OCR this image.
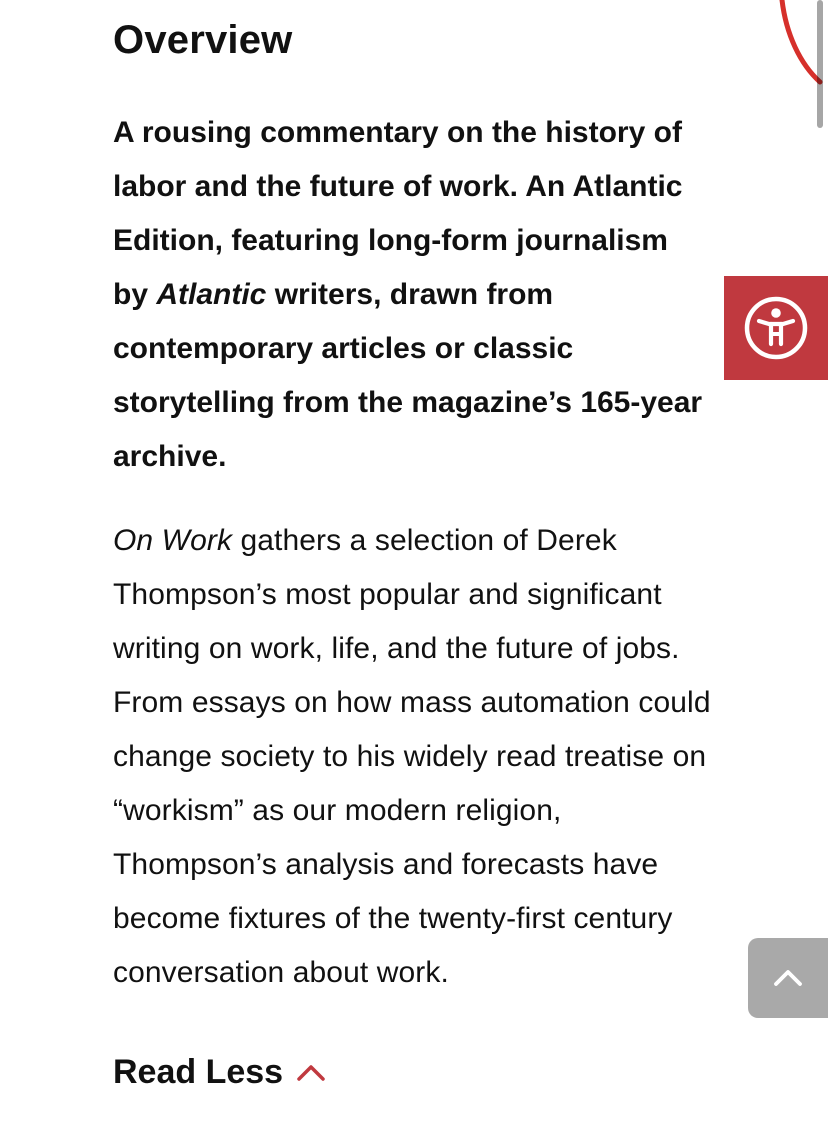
Overview

A rousing commentary on the history of labor and the future of work. An Atlantic Edition, featuring long-form journalism by Atlantic writers, drawn from contemporary articles or classic storytelling from the magazine’s 165-year archive.

On Work gathers a selection of Derek Thompson’s most popular and significant writing on work, life, and the future of jobs. From essays on how mass automation could change society to his widely read treatise on “workism” as our modern religion, Thompson’s analysis and forecasts have become fixtures of the twenty-first century conversation about work.

Read Less
